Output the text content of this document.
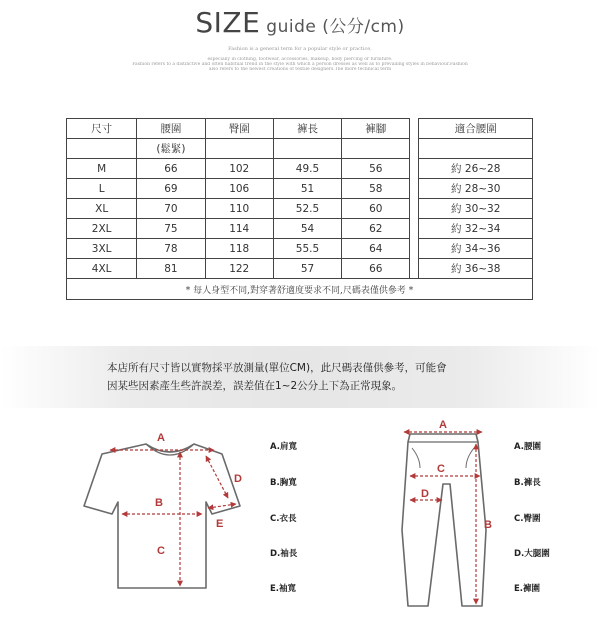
SIZE guide (公分/cm)
Fashion is a general term for a popular style or practice,
especially in clothing, footwear, accessories, makeup, body piercing or furniture.
Fashion refers to a distinctive and often habitual trend in the style with which a person dresses as well as to prevailing styles in behaviour.Fashion
also refers to the newest creations of textile designers.The more technical term
尺寸	腰圍	臀圍	褲長	褲腳		適合腰圍
	(鬆緊)					
M	66	102	49.5	56		約 26~28
L	69	106	51	58		約 28~30
XL	70	110	52.5	60		約 30~32
2XL	75	114	54	62		約 32~34
3XL	78	118	55.5	64		約 34~36
4XL	81	122	57	66		約 36~38
* 每人身型不同,對穿著舒適度要求不同,尺碼表僅供參考 *						
本店所有尺寸皆以實物採平放測量(單位CM)，此尺碼表僅供參考，可能會
因某些因素產生些許誤差，誤差值在1~2公分上下為正常現象。
A
B
C
D
E
A
B
C
D
A.肩寬
B.胸寬
C.衣長
D.袖長
E.袖寬
A.腰圍
B.褲長
C.臀圍
D.大腿圍
E.褲圍
